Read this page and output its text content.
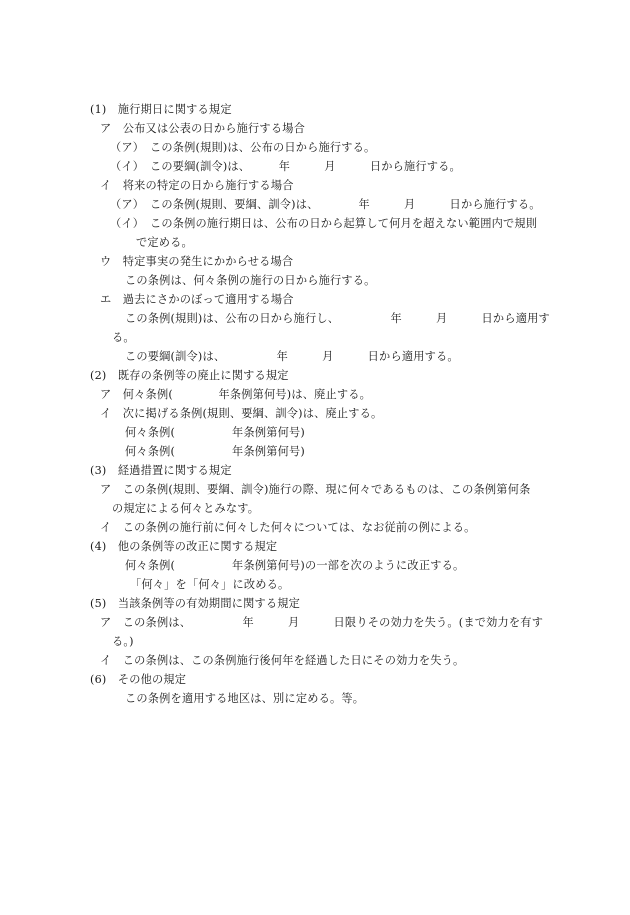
(1)　施行期日に関する規定
ア　公布又は公表の日から施行する場合
（ア）　この条例(規則)は、公布の日から施行する。
（イ）　この要綱(訓令)は、　　　年　　　月　　　日から施行する。
イ　将来の特定の日から施行する場合
（ア）　この条例(規則、要綱、訓令)は、　　　　年　　　月　　　日から施行する。
（イ）　この条例の施行期日は、公布の日から起算して何月を超えない範囲内で規則
で定める。
ウ　特定事実の発生にかからせる場合
この条例は、何々条例の施行の日から施行する。
エ　過去にさかのぼって適用する場合
この条例(規則)は、公布の日から施行し、　　　　　年　　　月　　　日から適用す
る。
この要綱(訓令)は、　　　　　年　　　月　　　日から適用する。
(2)　既存の条例等の廃止に関する規定
ア　何々条例(　　　　年条例第何号)は、廃止する。
イ　次に掲げる条例(規則、要綱、訓令)は、廃止する。
何々条例(　　　　　年条例第何号)
何々条例(　　　　　年条例第何号)
(3)　経過措置に関する規定
ア　この条例(規則、要綱、訓令)施行の際、現に何々であるものは、この条例第何条
の規定による何々とみなす。
イ　この条例の施行前に何々した何々については、なお従前の例による。
(4)　他の条例等の改正に関する規定
何々条例(　　　　　年条例第何号)の一部を次のように改正する。
「何々」を「何々」に改める。
(5)　当該条例等の有効期間に関する規定
ア　この条例は、　　　　　年　　　月　　　日限りその効力を失う。(まで効力を有す
る。)
イ　この条例は、この条例施行後何年を経過した日にその効力を失う。
(6)　その他の規定
この条例を適用する地区は、別に定める。等。
